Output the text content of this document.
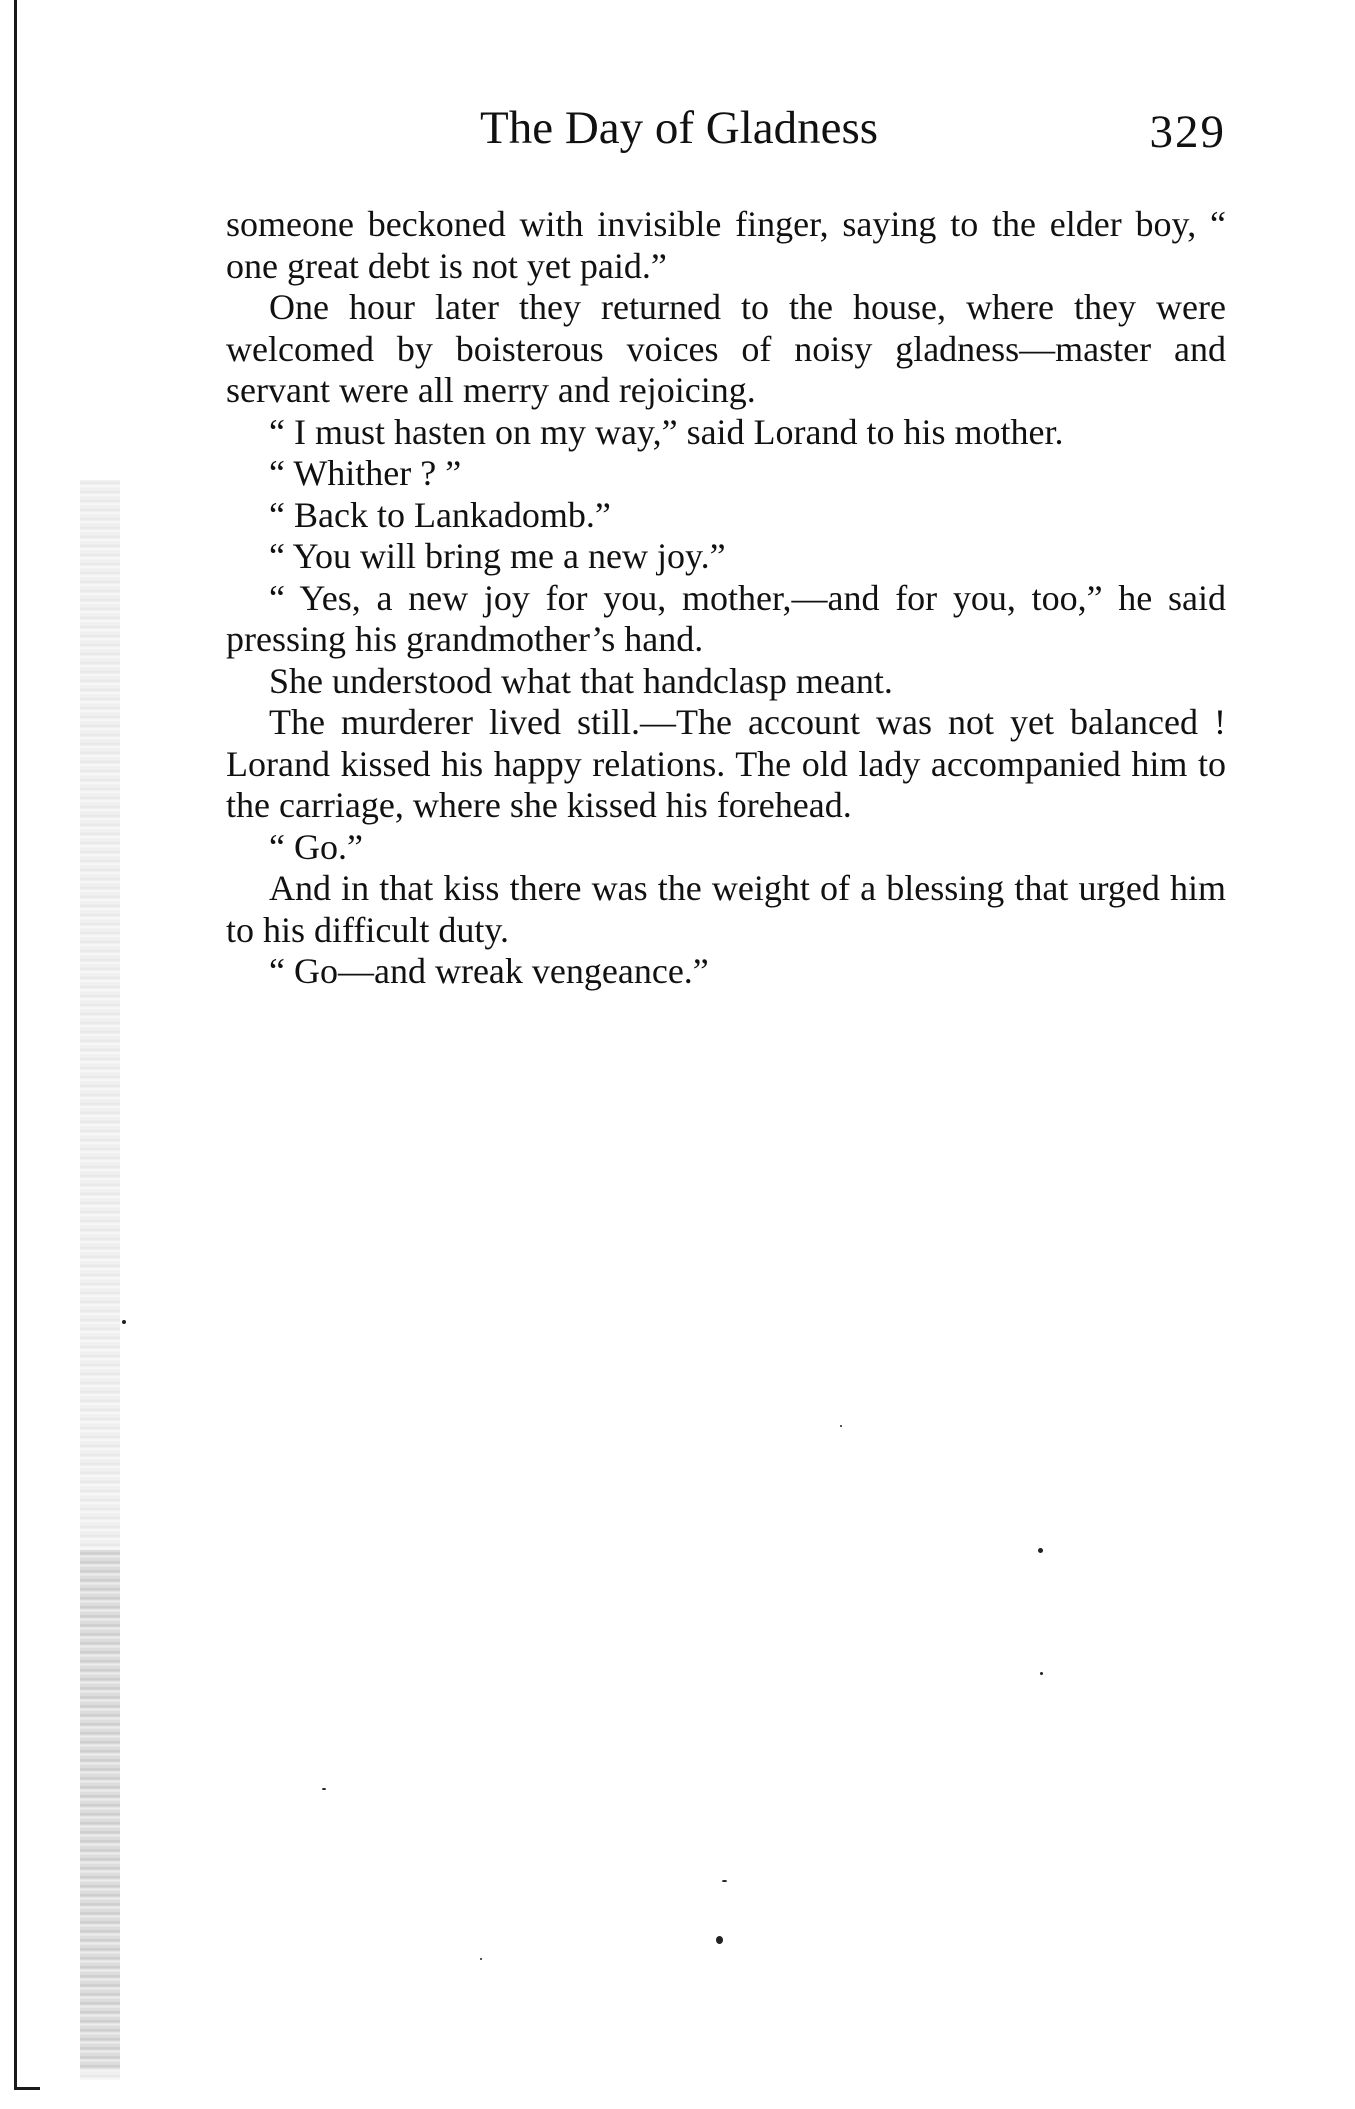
The Day of Gladness	329

someone beckoned with invisible finger, saying to the elder boy, “ one great debt is not yet paid.”

One hour later they returned to the house, where they were welcomed by boisterous voices of noisy gladness—master and servant were all merry and rejoicing.

“ I must hasten on my way,” said Lorand to his mother.

“ Whither ? ”

“ Back to Lankadomb.”

“ You will bring me a new joy.”

“ Yes, a new joy for you, mother,—and for you, too,” he said pressing his grandmother’s hand.

She understood what that handclasp meant.

The murderer lived still.—The account was not yet balanced ! Lorand kissed his happy relations. The old lady accompanied him to the carriage, where she kissed his forehead.

“ Go.”

And in that kiss there was the weight of a blessing that urged him to his difficult duty.

“ Go—and wreak vengeance.”
